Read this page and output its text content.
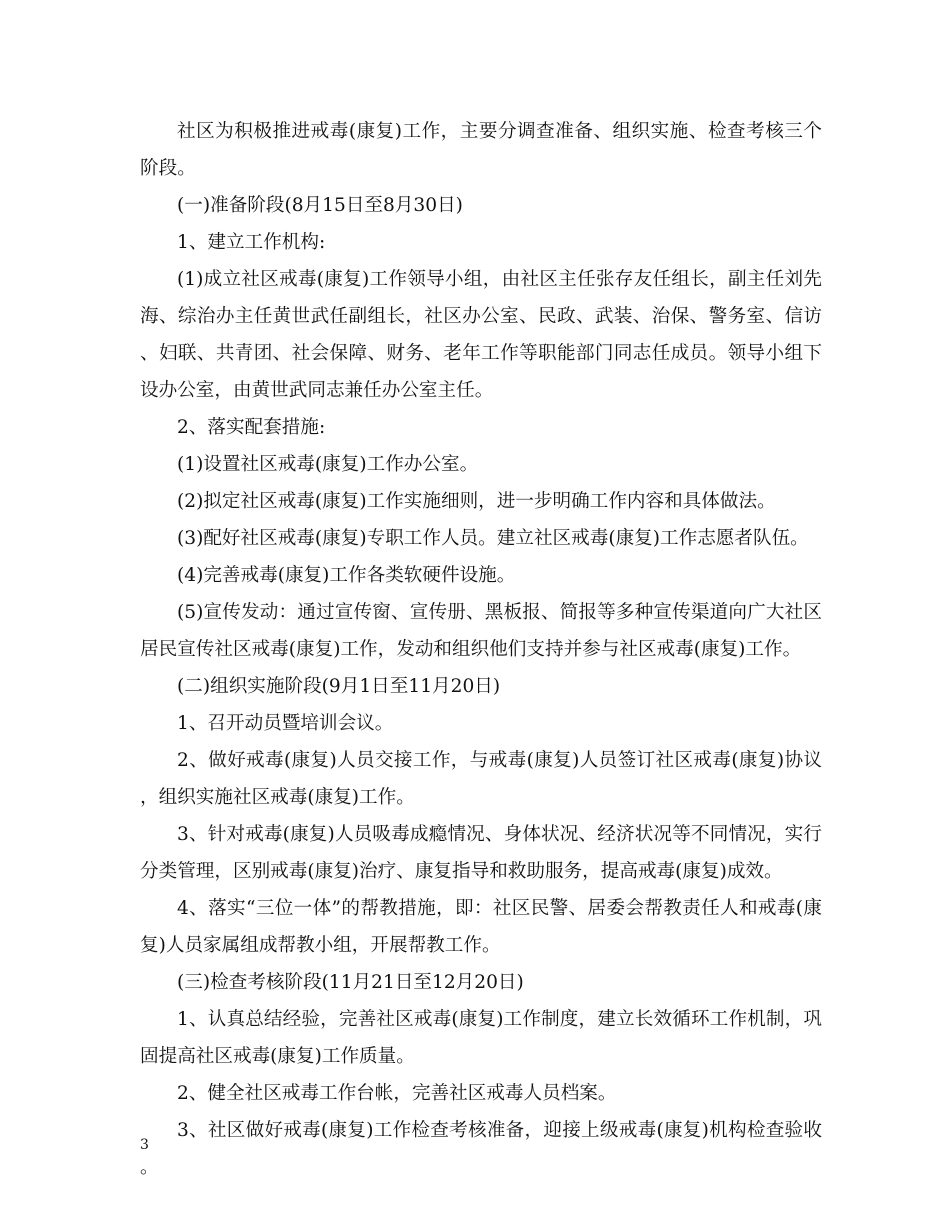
社区为积极推进戒毒(康复)工作，主要分调查准备、组织实施、检查考核三个阶段。

(一)准备阶段(8月15日至8月30日)

1、建立工作机构:

(1)成立社区戒毒(康复)工作领导小组，由社区主任张存友任组长，副主任刘先海、综治办主任黄世武任副组长，社区办公室、民政、武装、治保、警务室、信访、妇联、共青团、社会保障、财务、老年工作等职能部门同志任成员。领导小组下设办公室，由黄世武同志兼任办公室主任。

2、落实配套措施:

(1)设置社区戒毒(康复)工作办公室。

(2)拟定社区戒毒(康复)工作实施细则，进一步明确工作内容和具体做法。

(3)配好社区戒毒(康复)专职工作人员。建立社区戒毒(康复)工作志愿者队伍。

(4)完善戒毒(康复)工作各类软硬件设施。

(5)宣传发动：通过宣传窗、宣传册、黑板报、简报等多种宣传渠道向广大社区居民宣传社区戒毒(康复)工作，发动和组织他们支持并参与社区戒毒(康复)工作。

(二)组织实施阶段(9月1日至11月20日)

1、召开动员暨培训会议。

2、做好戒毒(康复)人员交接工作，与戒毒(康复)人员签订社区戒毒(康复)协议，组织实施社区戒毒(康复)工作。

3、针对戒毒(康复)人员吸毒成瘾情况、身体状况、经济状况等不同情况，实行分类管理，区别戒毒(康复)治疗、康复指导和救助服务，提高戒毒(康复)成效。

4、落实“三位一体”的帮教措施，即：社区民警、居委会帮教责任人和戒毒(康复)人员家属组成帮教小组，开展帮教工作。

(三)检查考核阶段(11月21日至12月20日)

1、认真总结经验，完善社区戒毒(康复)工作制度，建立长效循环工作机制，巩固提高社区戒毒(康复)工作质量。

2、健全社区戒毒工作台帐，完善社区戒毒人员档案。

3、社区做好戒毒(康复)工作检查考核准备，迎接上级戒毒(康复)机构检查验收。

3
